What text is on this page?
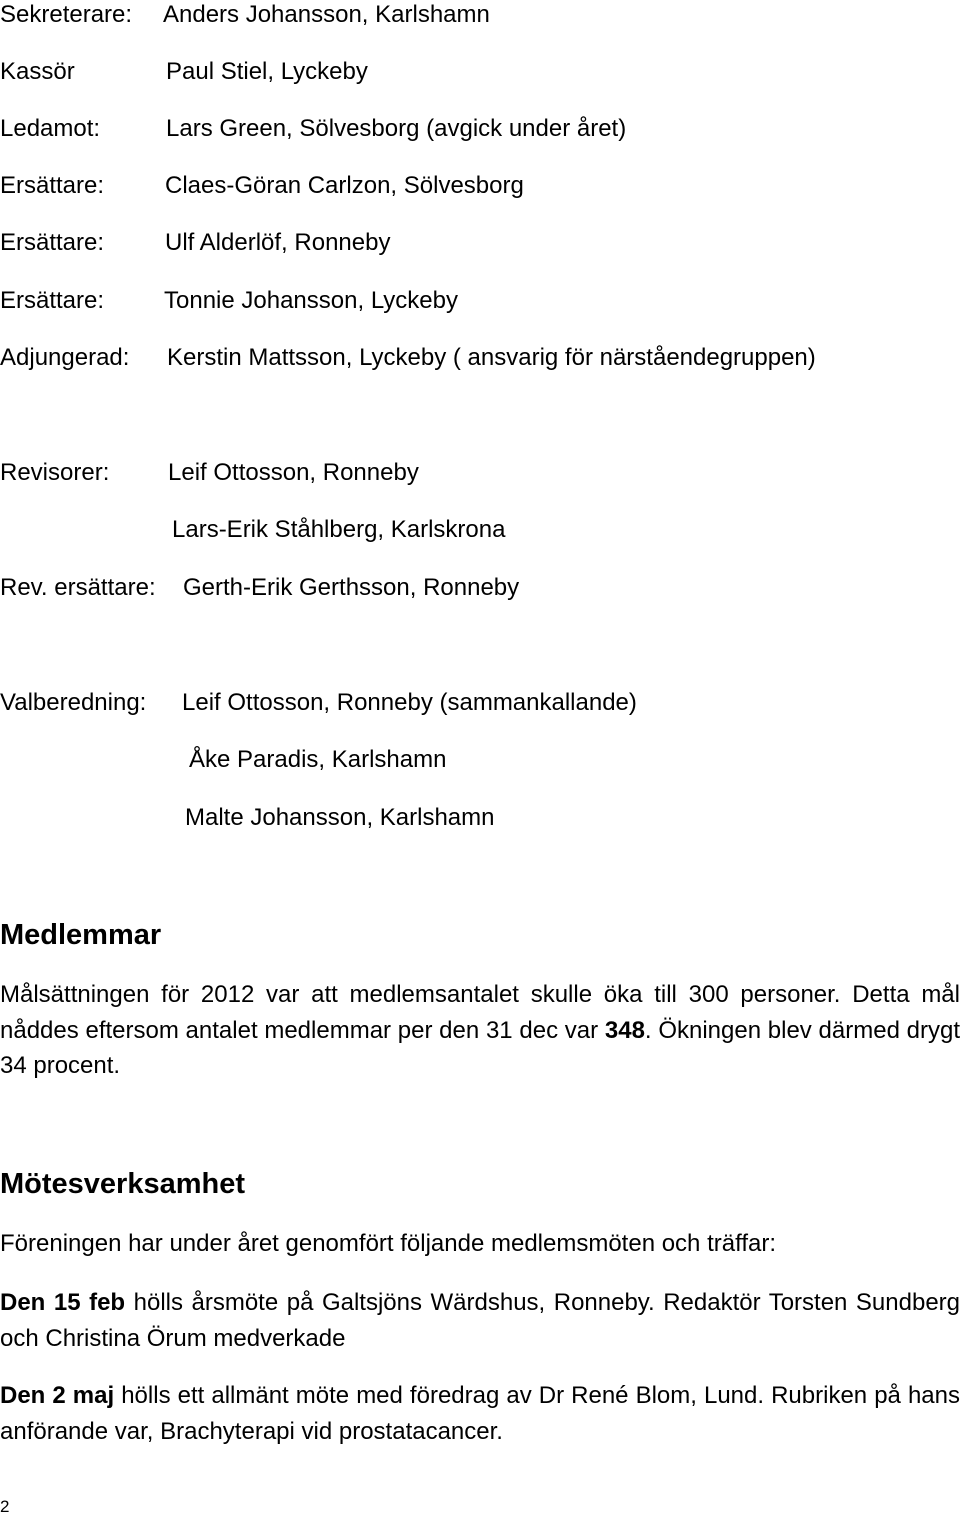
Sekreterare: Anders Johansson, Karlshamn
Kassör	Paul Stiel, Lyckeby
Ledamot:	Lars Green, Sölvesborg (avgick under året)
Ersättare:	Claes-Göran Carlzon, Sölvesborg
Ersättare:	Ulf Alderlöf, Ronneby
Ersättare: Tonnie Johansson, Lyckeby
Adjungerad: Kerstin Mattsson, Lyckeby ( ansvarig för närståendegruppen)
Revisorer: Leif Ottosson, Ronneby
Lars-Erik Ståhlberg, Karlskrona
Rev. ersättare: Gerth-Erik Gerthsson, Ronneby
Valberedning: Leif Ottosson, Ronneby (sammankallande)
Åke Paradis, Karlshamn
Malte Johansson, Karlshamn
Medlemmar
Målsättningen för 2012 var att medlemsantalet skulle öka till 300 personer. Detta mål nåddes eftersom antalet medlemmar per den 31 dec var 348. Ökningen blev därmed drygt 34 procent.
Mötesverksamhet
Föreningen har under året genomfört följande medlemsmöten och träffar:
Den 15 feb hölls årsmöte på Galtsjöns Wärdshus, Ronneby. Redaktör Torsten Sundberg och Christina Örum medverkade
Den 2 maj hölls ett allmänt möte med föredrag av Dr René Blom, Lund. Rubriken på hans anförande var, Brachyterapi vid prostatacancer.
2
